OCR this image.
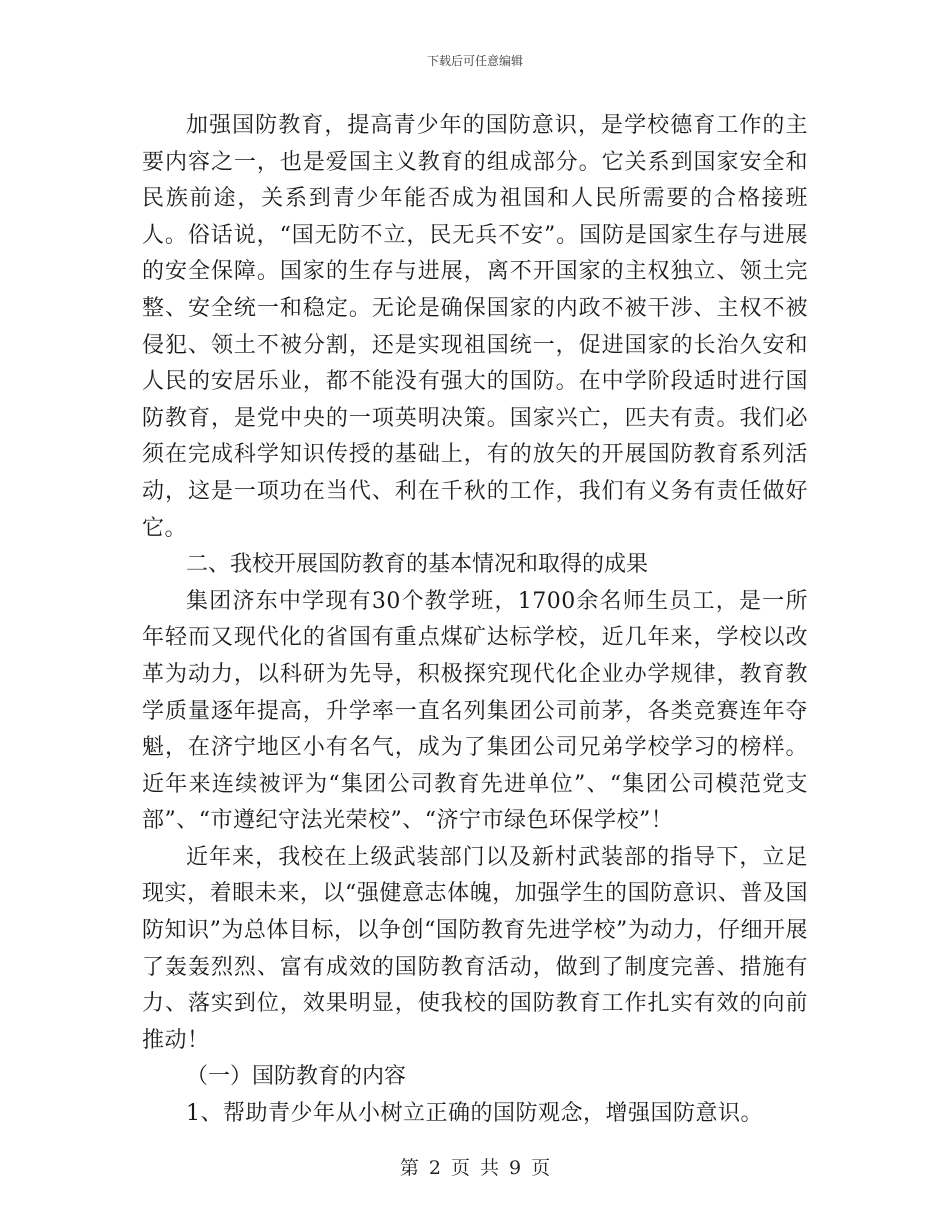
下载后可任意编辑

加强国防教育，提高青少年的国防意识，是学校德育工作的主要内容之一，也是爱国主义教育的组成部分。它关系到国家安全和民族前途，关系到青少年能否成为祖国和人民所需要的合格接班人。俗话说，“国无防不立，民无兵不安”。国防是国家生存与进展的安全保障。国家的生存与进展，离不开国家的主权独立、领土完整、安全统一和稳定。无论是确保国家的内政不被干涉、主权不被侵犯、领土不被分割，还是实现祖国统一，促进国家的长治久安和人民的安居乐业，都不能没有强大的国防。在中学阶段适时进行国防教育，是党中央的一项英明决策。国家兴亡，匹夫有责。我们必须在完成科学知识传授的基础上，有的放矢的开展国防教育系列活动，这是一项功在当代、利在千秋的工作，我们有义务有责任做好它。

二、我校开展国防教育的基本情况和取得的成果

集团济东中学现有30个教学班，1700余名师生员工，是一所年轻而又现代化的省国有重点煤矿达标学校，近几年来，学校以改革为动力，以科研为先导，积极探究现代化企业办学规律，教育教学质量逐年提高，升学率一直名列集团公司前茅，各类竞赛连年夺魁，在济宁地区小有名气，成为了集团公司兄弟学校学习的榜样。近年来连续被评为“集团公司教育先进单位”、“集团公司模范党支部”、“市遵纪守法光荣校”、“济宁市绿色环保学校”！

近年来，我校在上级武装部门以及新村武装部的指导下，立足现实，着眼未来，以“强健意志体魄，加强学生的国防意识、普及国防知识”为总体目标，以争创“国防教育先进学校”为动力，仔细开展了轰轰烈烈、富有成效的国防教育活动，做到了制度完善、措施有力、落实到位，效果明显，使我校的国防教育工作扎实有效的向前推动！

（一）国防教育的内容

1、帮助青少年从小树立正确的国防观念，增强国防意识。

第 2 页 共 9 页
